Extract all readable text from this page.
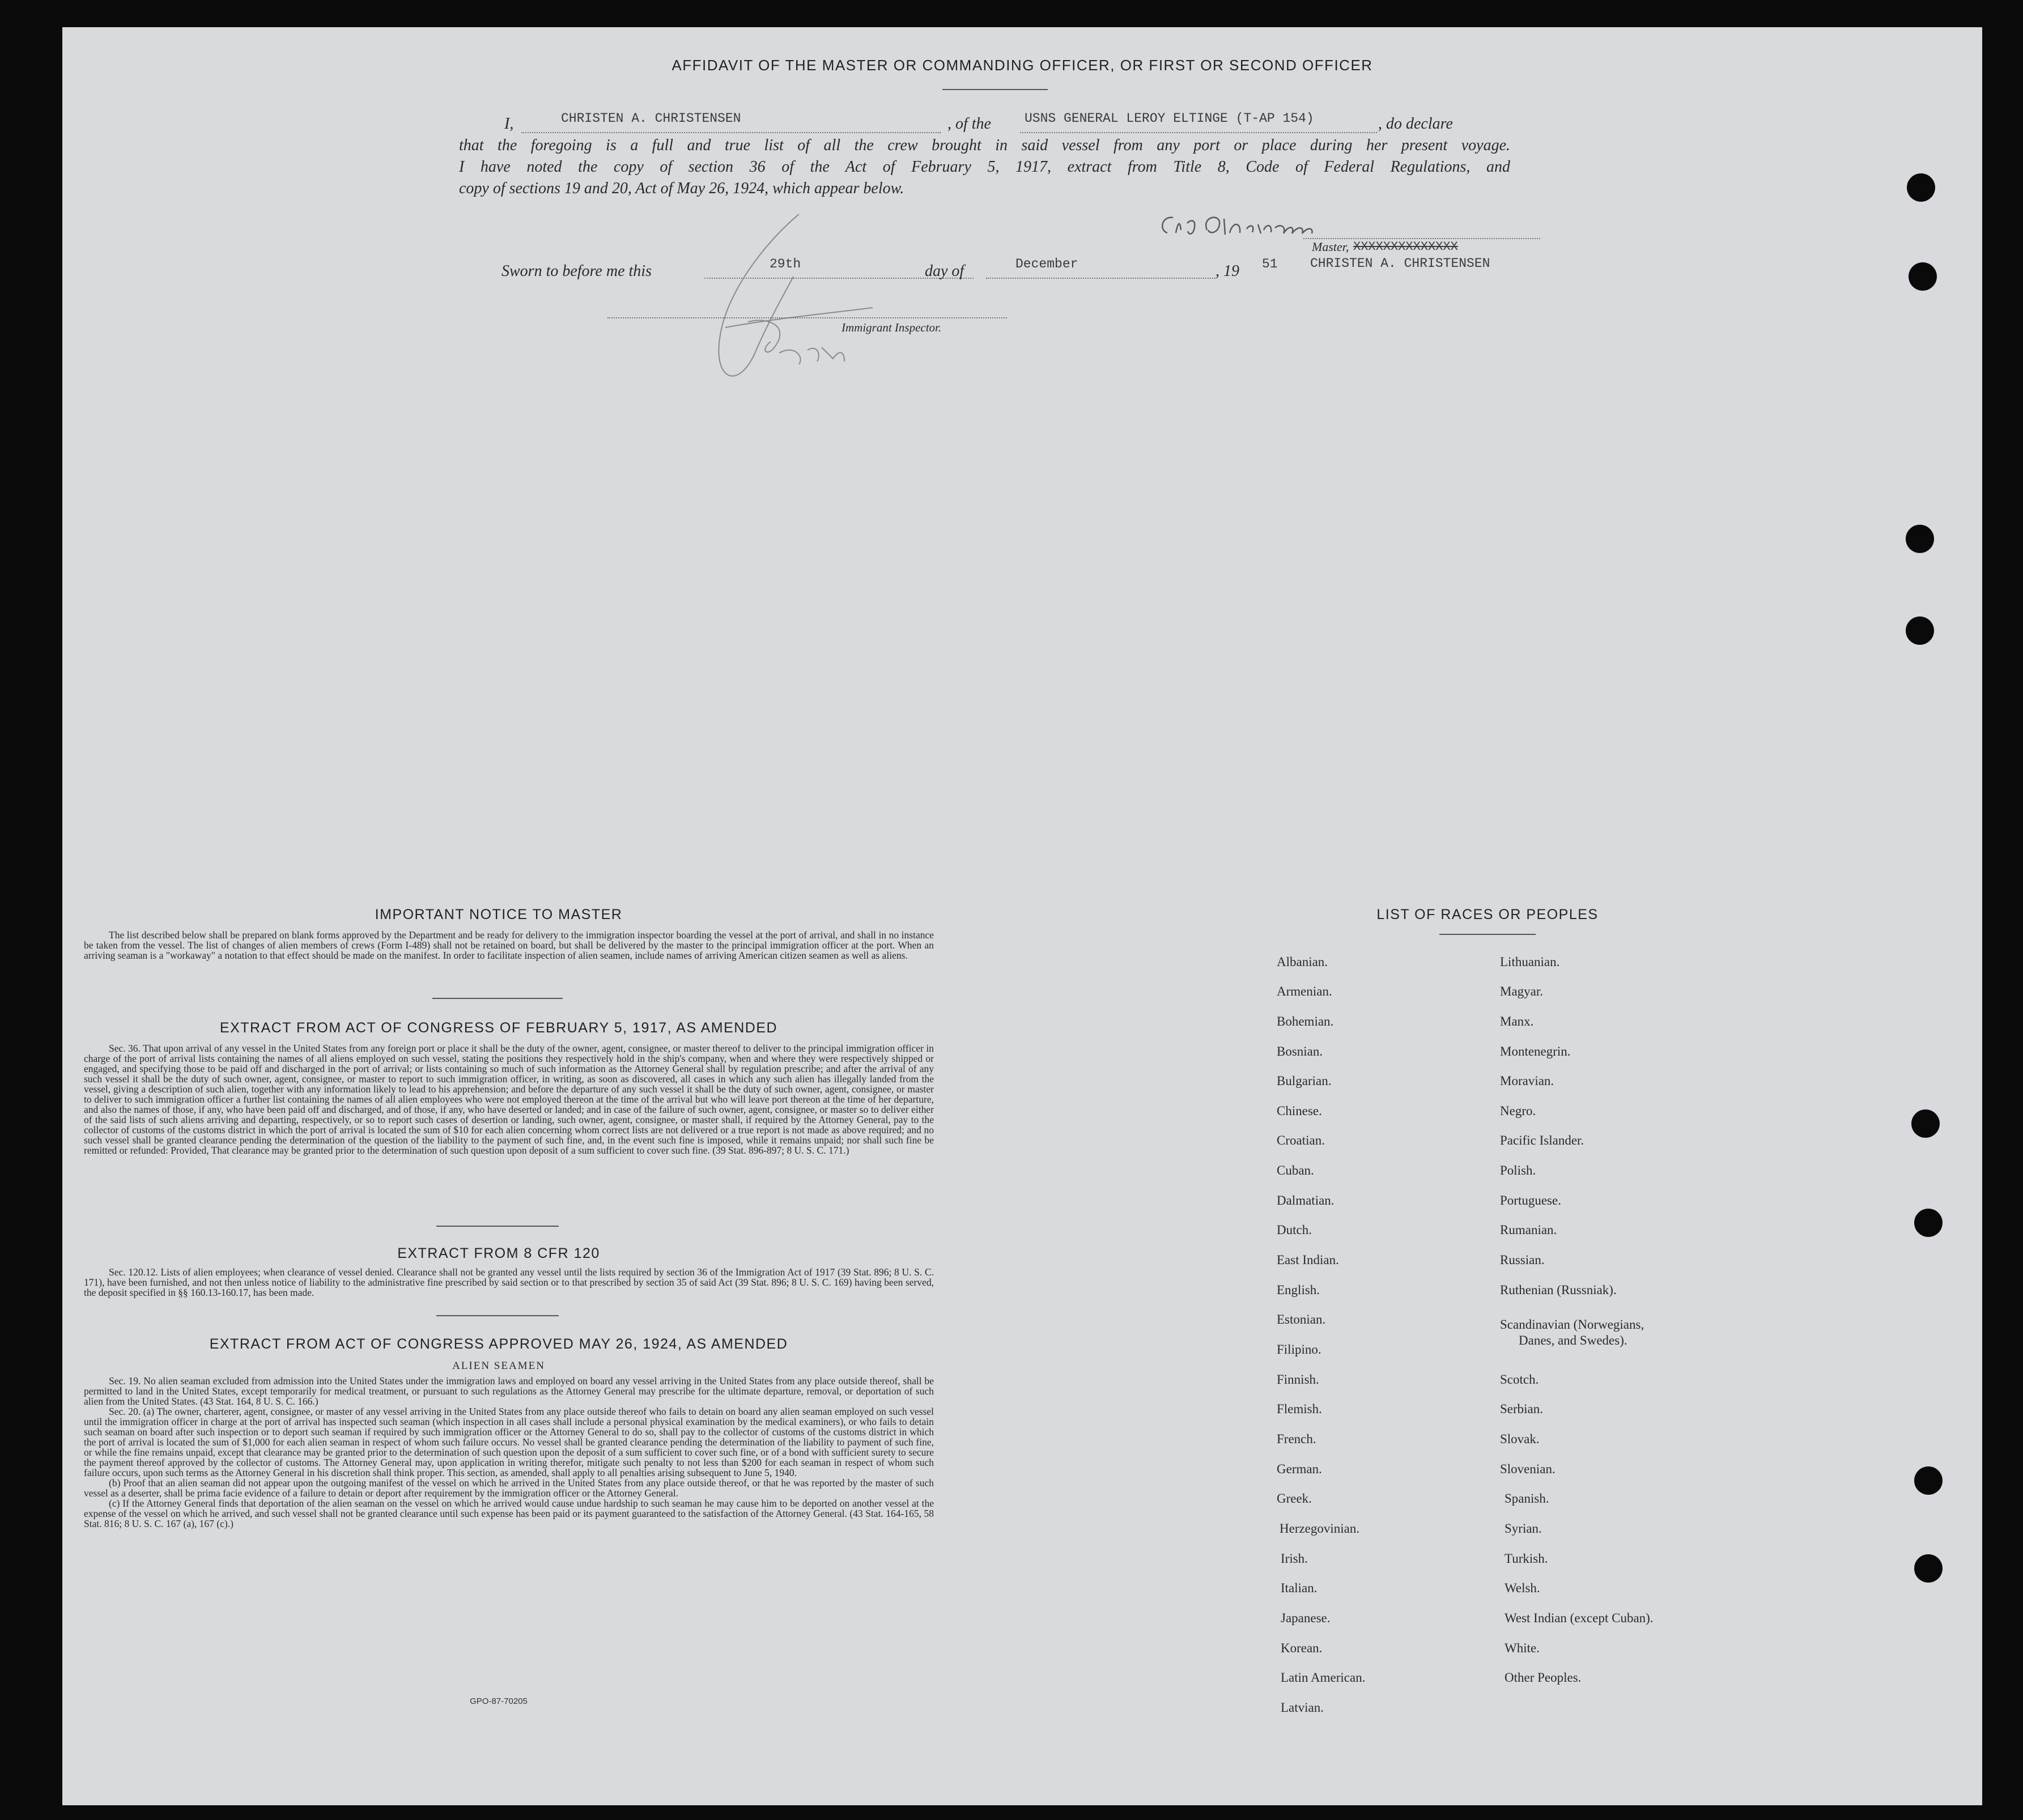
AFFIDAVIT OF THE MASTER OR COMMANDING OFFICER, OR FIRST OR SECOND OFFICER
I,	CHRISTEN A. CHRISTENSEN	, of the	USNS GENERAL LEROY ELTINGE (T-AP 154)	, do declare
that the foregoing is a full and true list of all the crew brought in said vessel from any port or place during her present voyage.
I have noted the copy of section 36 of the Act of February 5, 1917, extract from Title 8, Code of Federal Regulations, and
copy of sections 19 and 20, Act of May 26, 1924, which appear below.
Master, XXXXXXXXXXXXXX
CHRISTEN A. CHRISTENSEN
Sworn to before me this	29th	day of	December	, 19 51
Immigrant Inspector.
IMPORTANT NOTICE TO MASTER
The list described below shall be prepared on blank forms approved by the Department and be ready for delivery to the immigration inspector boarding the vessel at the port of arrival, and shall in no instance be taken from the vessel. The list of changes of alien members of crews (Form I-489) shall not be retained on board, but shall be delivered by the master to the principal immigration officer at the port. When an arriving seaman is a "workaway" a notation to that effect should be made on the manifest. In order to facilitate inspection of alien seamen, include names of arriving American citizen seamen as well as aliens.
EXTRACT FROM ACT OF CONGRESS OF FEBRUARY 5, 1917, AS AMENDED
Sec. 36. That upon arrival of any vessel in the United States from any foreign port or place it shall be the duty of the owner, agent, consignee, or master thereof to deliver to the principal immigration officer in charge of the port of arrival lists containing the names of all aliens employed on such vessel, stating the positions they respectively hold in the ship's company, when and where they were respectively shipped or engaged, and specifying those to be paid off and discharged in the port of arrival; or lists containing so much of such information as the Attorney General shall by regulation prescribe; and after the arrival of any such vessel it shall be the duty of such owner, agent, consignee, or master to report to such immigration officer, in writing, as soon as discovered, all cases in which any such alien has illegally landed from the vessel, giving a description of such alien, together with any information likely to lead to his apprehension; and before the departure of any such vessel it shall be the duty of such owner, agent, consignee, or master to deliver to such immigration officer a further list containing the names of all alien employees who were not employed thereon at the time of the arrival but who will leave port thereon at the time of her departure, and also the names of those, if any, who have been paid off and discharged, and of those, if any, who have deserted or landed; and in case of the failure of such owner, agent, consignee, or master so to deliver either of the said lists of such aliens arriving and departing, respectively, or so to report such cases of desertion or landing, such owner, agent, consignee, or master shall, if required by the Attorney General, pay to the collector of customs of the customs district in which the port of arrival is located the sum of $10 for each alien concerning whom correct lists are not delivered or a true report is not made as above required; and no such vessel shall be granted clearance pending the determination of the question of the liability to the payment of such fine, and, in the event such fine is imposed, while it remains unpaid; nor shall such fine be remitted or refunded: Provided, That clearance may be granted prior to the determination of such question upon deposit of a sum sufficient to cover such fine. (39 Stat. 896-897; 8 U. S. C. 171.)
EXTRACT FROM 8 CFR 120
Sec. 120.12. Lists of alien employees; when clearance of vessel denied. Clearance shall not be granted any vessel until the lists required by section 36 of the Immigration Act of 1917 (39 Stat. 896; 8 U. S. C. 171), have been furnished, and not then unless notice of liability to the administrative fine prescribed by said section or to that prescribed by section 35 of said Act (39 Stat. 896; 8 U. S. C. 169) having been served, the deposit specified in §§ 160.13-160.17, has been made.
EXTRACT FROM ACT OF CONGRESS APPROVED MAY 26, 1924, AS AMENDED
ALIEN SEAMEN
Sec. 19. No alien seaman excluded from admission into the United States under the immigration laws and employed on board any vessel arriving in the United States from any place outside thereof, shall be permitted to land in the United States, except temporarily for medical treatment, or pursuant to such regulations as the Attorney General may prescribe for the ultimate departure, removal, or deportation of such alien from the United States. (43 Stat. 164, 8 U. S. C. 166.)
Sec. 20. (a) The owner, charterer, agent, consignee, or master of any vessel arriving in the United States from any place outside thereof who fails to detain on board any alien seaman employed on such vessel until the immigration officer in charge at the port of arrival has inspected such seaman (which inspection in all cases shall include a personal physical examination by the medical examiners), or who fails to detain such seaman on board after such inspection or to deport such seaman if required by such immigration officer or the Attorney General to do so, shall pay to the collector of customs of the customs district in which the port of arrival is located the sum of $1,000 for each alien seaman in respect of whom such failure occurs. No vessel shall be granted clearance pending the determination of the liability to payment of such fine, or while the fine remains unpaid, except that clearance may be granted prior to the determination of such question upon the deposit of a sum sufficient to cover such fine, or of a bond with sufficient surety to secure the payment thereof approved by the collector of customs. The Attorney General may, upon application in writing therefor, mitigate such penalty to not less than $200 for each seaman in respect of whom such failure occurs, upon such terms as the Attorney General in his discretion shall think proper. This section, as amended, shall apply to all penalties arising subsequent to June 5, 1940.
(b) Proof that an alien seaman did not appear upon the outgoing manifest of the vessel on which he arrived in the United States from any place outside thereof, or that he was reported by the master of such vessel as a deserter, shall be prima facie evidence of a failure to detain or deport after requirement by the immigration officer or the Attorney General.
(c) If the Attorney General finds that deportation of the alien seaman on the vessel on which he arrived would cause undue hardship to such seaman he may cause him to be deported on another vessel at the expense of the vessel on which he arrived, and such vessel shall not be granted clearance until such expense has been paid or its payment guaranteed to the satisfaction of the Attorney General. (43 Stat. 164-165, 58 Stat. 816; 8 U. S. C. 167 (a), 167 (c).)
GPO-87-70205
LIST OF RACES OR PEOPLES
Albanian.
Armenian.
Bohemian.
Bosnian.
Bulgarian.
Chinese.
Croatian.
Cuban.
Dalmatian.
Dutch.
East Indian.
English.
Estonian.
Filipino.
Finnish.
Flemish.
French.
German.
Greek.
Herzegovinian.
Irish.
Italian.
Japanese.
Korean.
Latin American.
Latvian.
Lithuanian.
Magyar.
Manx.
Montenegrin.
Moravian.
Negro.
Pacific Islander.
Polish.
Portuguese.
Rumanian.
Russian.
Ruthenian (Russniak).
Scandinavian (Norwegians,
Danes, and Swedes).
Scotch.
Serbian.
Slovak.
Slovenian.
Spanish.
Syrian.
Turkish.
Welsh.
West Indian (except Cuban).
White.
Other Peoples.
